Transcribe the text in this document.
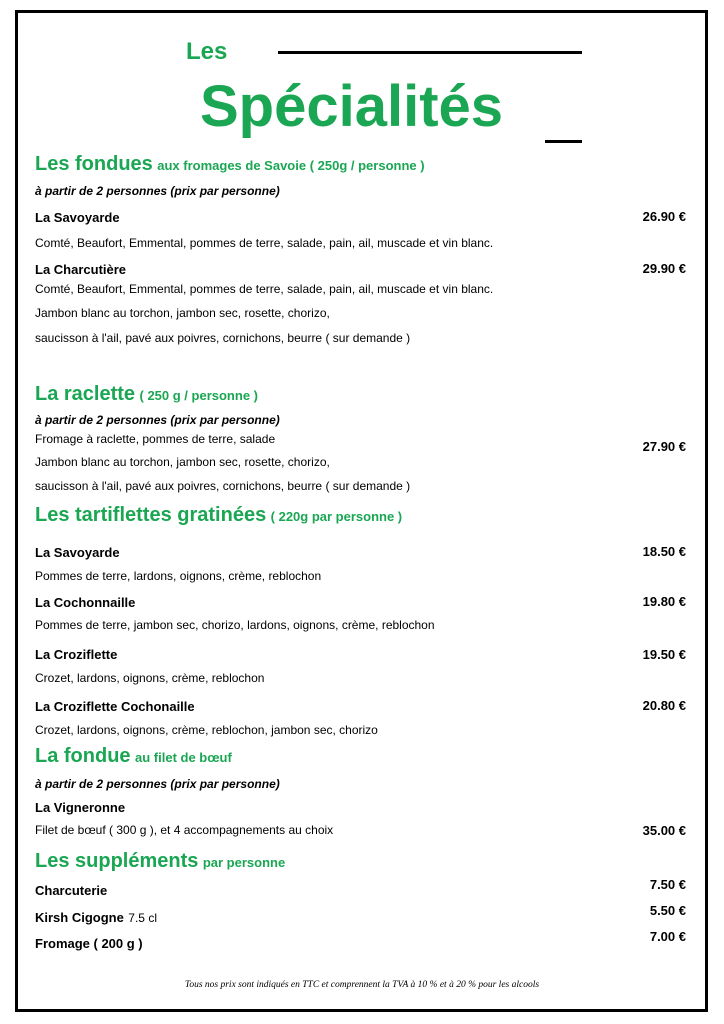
Les
Spécialités
Les fondues aux fromages de Savoie ( 250g / personne )
à partir de 2 personnes (prix par personne)
La Savoyarde	26.90 €
Comté, Beaufort, Emmental, pommes de terre, salade, pain, ail, muscade et vin blanc.
La Charcutière	29.90 €
Comté, Beaufort, Emmental, pommes de terre, salade, pain, ail, muscade et vin blanc.
Jambon blanc au torchon, jambon sec, rosette, chorizo,
saucisson à l'ail, pavé aux poivres, cornichons, beurre ( sur demande )
La raclette ( 250 g / personne )
à partir de 2 personnes (prix par personne)
Fromage à raclette, pommes de terre, salade	27.90 €
Jambon blanc au torchon, jambon sec, rosette, chorizo,
saucisson à l'ail, pavé aux poivres, cornichons, beurre ( sur demande )
Les tartiflettes gratinées ( 220g par personne )
La Savoyarde	18.50 €
Pommes de terre, lardons, oignons, crème, reblochon
La Cochonnaille	19.80 €
Pommes de terre, jambon sec, chorizo, lardons, oignons, crème, reblochon
La Croziflette	19.50 €
Crozet, lardons, oignons, crème, reblochon
La Croziflette Cochonaille	20.80 €
Crozet, lardons, oignons, crème, reblochon, jambon sec, chorizo
La fondue au filet de bœuf
à partir de 2 personnes (prix par personne)
La Vigneronne
Filet de bœuf ( 300 g ), et 4 accompagnements au choix	35.00 €
Les suppléments par personne
Charcuterie	7.50 €
Kirsh Cigogne 7.5 cl	5.50 €
Fromage ( 200 g )	7.00 €
Tous nos prix sont indiqués en TTC et comprennent la TVA à 10 % et à 20 % pour les alcools
